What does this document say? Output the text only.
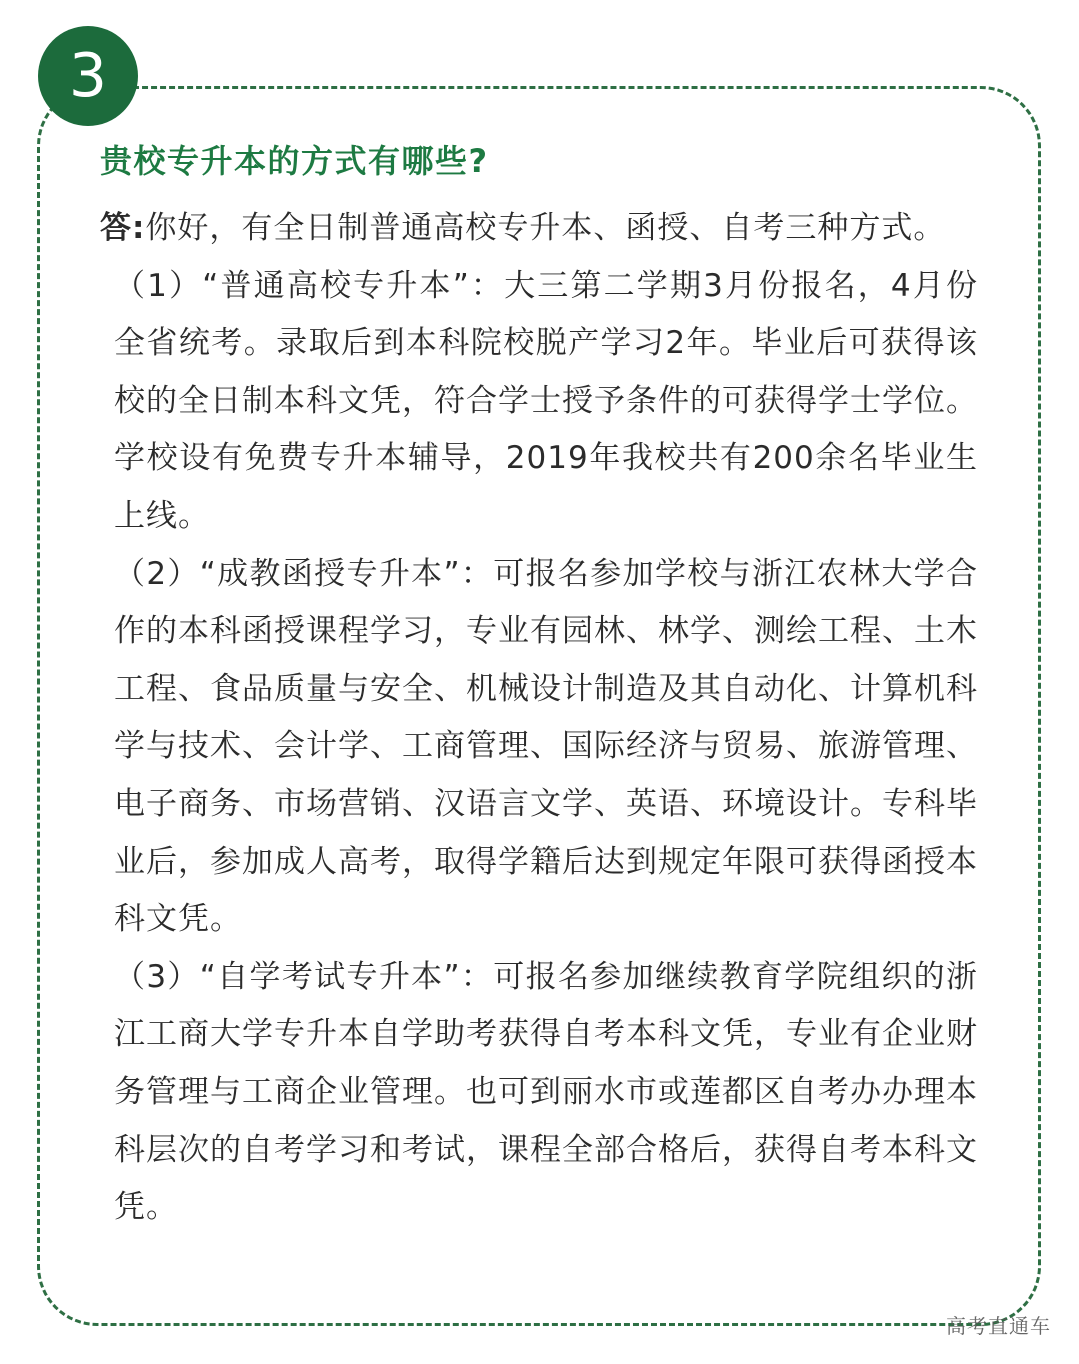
3
贵校专升本的方式有哪些?

答:你好，有全日制普通高校专升本、函授、自考三种方式。

（1）“普通高校专升本”：大三第二学期3月份报名，4月份全省统考。录取后到本科院校脱产学习2年。毕业后可获得该校的全日制本科文凭，符合学士授予条件的可获得学士学位。学校设有免费专升本辅导，2019年我校共有200余名毕业生上线。

（2）“成教函授专升本”：可报名参加学校与浙江农林大学合作的本科函授课程学习，专业有园林、林学、测绘工程、土木工程、食品质量与安全、机械设计制造及其自动化、计算机科学与技术、会计学、工商管理、国际经济与贸易、旅游管理、电子商务、市场营销、汉语言文学、英语、环境设计。专科毕业后，参加成人高考，取得学籍后达到规定年限可获得函授本科文凭。

（3）“自学考试专升本”：可报名参加继续教育学院组织的浙江工商大学专升本自学助考获得自考本科文凭，专业有企业财务管理与工商企业管理。也可到丽水市或莲都区自考办办理本科层次的自考学习和考试，课程全部合格后，获得自考本科文凭。

高考直通车
